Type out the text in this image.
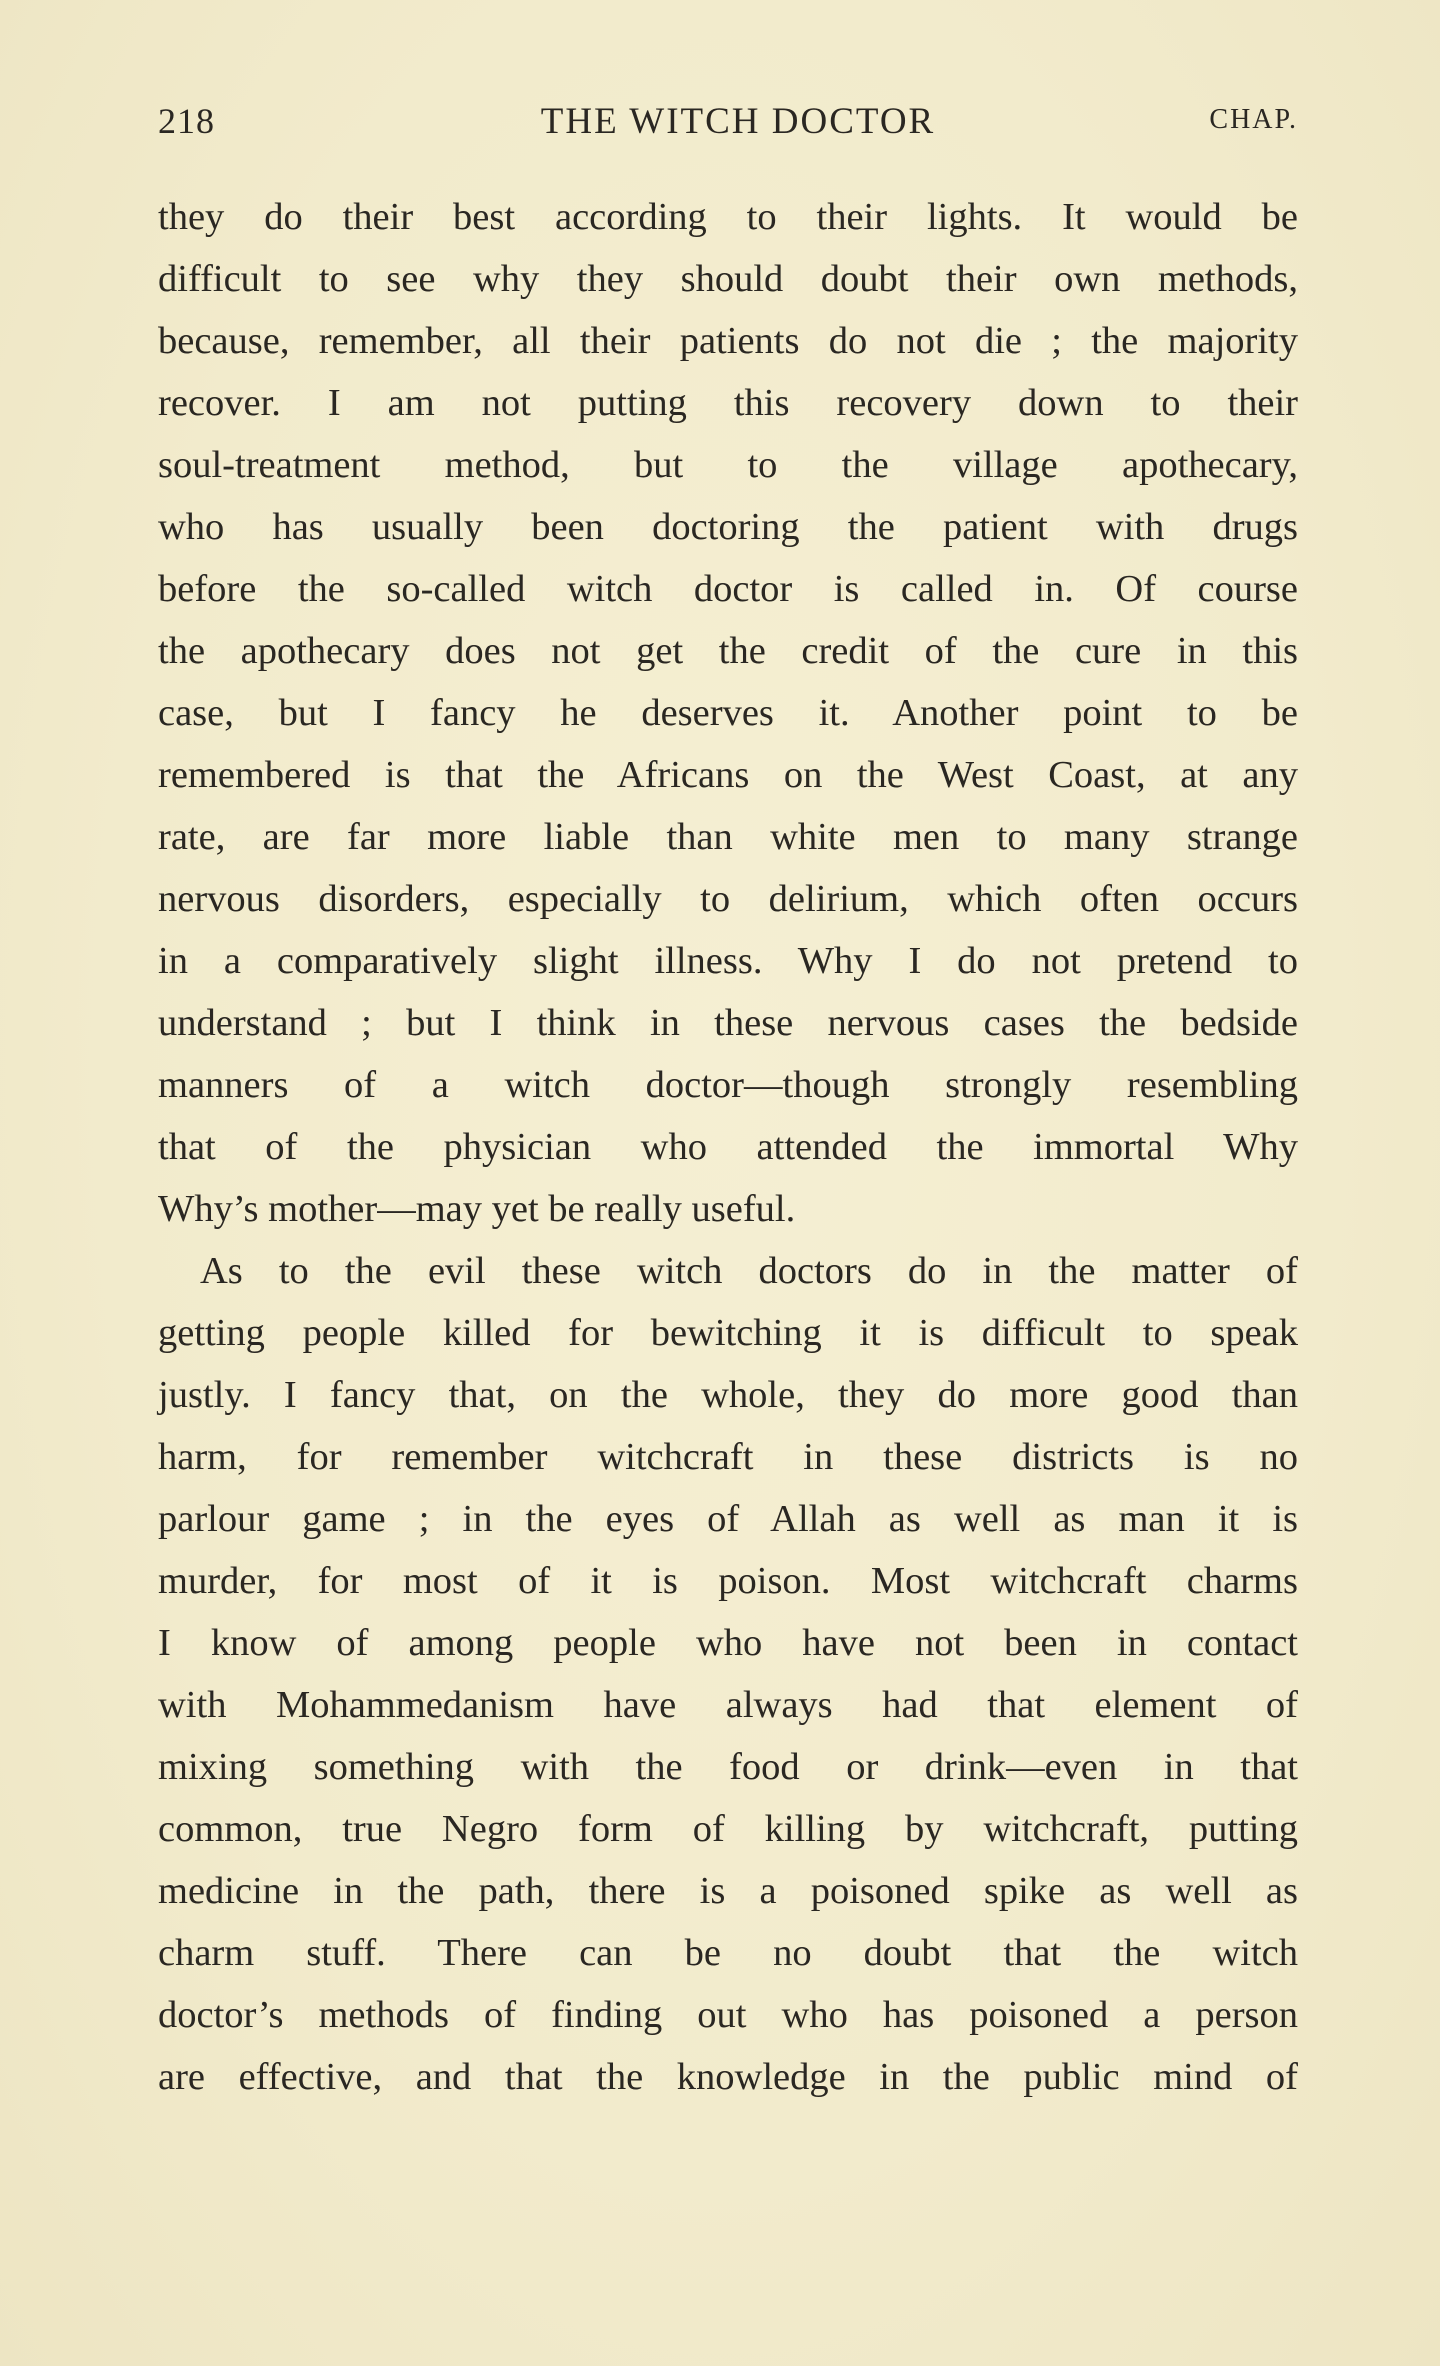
218	THE WITCH DOCTOR	CHAP.
they do their best according to their lights. It would be
difficult to see why they should doubt their own methods,
because, remember, all their patients do not die ; the majority
recover. I am not putting this recovery down to their
soul-treatment method, but to the village apothecary,
who has usually been doctoring the patient with drugs
before the so-called witch doctor is called in. Of course
the apothecary does not get the credit of the cure in this
case, but I fancy he deserves it. Another point to be
remembered is that the Africans on the West Coast, at any
rate, are far more liable than white men to many strange
nervous disorders, especially to delirium, which often occurs
in a comparatively slight illness. Why I do not pretend to
understand ; but I think in these nervous cases the bedside
manners of a witch doctor—though strongly resembling
that of the physician who attended the immortal Why
Why’s mother—may yet be really useful.
As to the evil these witch doctors do in the matter of
getting people killed for bewitching it is difficult to speak
justly. I fancy that, on the whole, they do more good than
harm, for remember witchcraft in these districts is no
parlour game ; in the eyes of Allah as well as man it is
murder, for most of it is poison. Most witchcraft charms
I know of among people who have not been in contact
with Mohammedanism have always had that element of
mixing something with the food or drink—even in that
common, true Negro form of killing by witchcraft, putting
medicine in the path, there is a poisoned spike as well as
charm stuff. There can be no doubt that the witch
doctor’s methods of finding out who has poisoned a person
are effective, and that the knowledge in the public mind of
